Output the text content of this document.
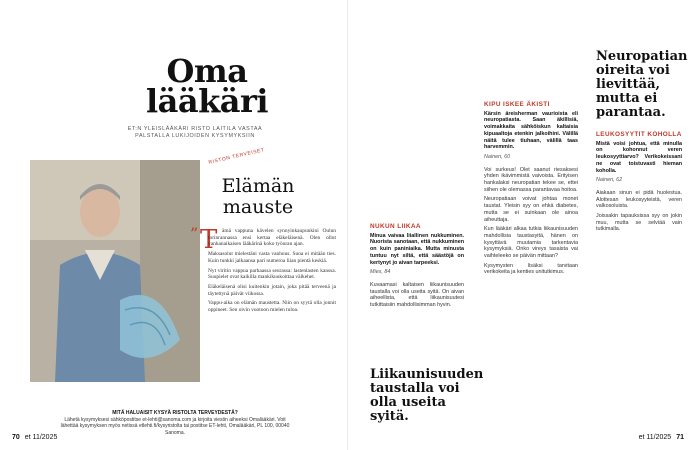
Oma lääkäri
ET:N YLEISLÄÄKÄRI RISTO LAITILA VASTAA PALSTALLA LUKIJOIDEN KYSYMYKSIIN
RISTON TERVEISET
Elämän mauste
” T ämä vappuna kävelen synnyinkaupunkini Oulun torinrannassa ensi kertaa eläkeläisenä. Olen ollut vanhanaikaisen lääkärinä koko työuran ajan.

Maksasolut mielestäni vasta vanhuus. Suoa ei mitään ties. Kuin tunkki jalkaansa pari numeroa liian pientä keskiä.

Nyt viritin vappua parhaassa seurassa: lastenlasten kanssa. Suupielet ovat kaikilla mankikuukoittaa välkehet.

Eläkeläisenä olisi kuitenkin jotain, joka pitää terveenä ja täytettynä päivät viikossa.

Vappu-aika on elämän maustetta. Niin on syytä olla jonnit oppineet. Sen oivin vuotoon mielen tuloa.

MITÄ HALUAISIT KYSYÄ RISTOLTA TERVEYDESTÄ?
Lähetä kysymyksesi sähköpostitse et-lehti@sanoma.com ja kirjoita viestin aiheeksi Omalääkäri. Voit lähettää kysymyksen myös netissä etlehti.fi/kysyristolta tai postitse ET-lehti, Omalääkäri, PL 100, 00040 Sanoma.
70 et 11/2025
NUKUN LIIKAA

Minua vaivaa liiallinen nukkuminen. Nuorista sanotaan, että nukkuminen on kuin paniniaika. Mutta minusta tuntuu nyt siltä, että säästöjä on kertynyt jo aivan tarpeeksi.

Mies, 84

Kuvaamasi kaltaisen liikaunisuuden taustalla voi olla useita syitä. On aivan aiheellista, että liikaunisuutesi tutkittaisiin mahdollisimman hyvin.

KIPU ISKEE ÄKISTI

Kärsin äreisherman vaurioista eli neuropatiasta. Saan äkillisiä, voimakkaita sähköiskun kaltaisia kipuaaltoja etenkin jalkoihini. Välillä näitä tulee tiuhaan, välillä taas harvemmin.

Nainen, 60

Voi surkeus! Olet saanut riesaksesi yhden ikävimmistä vaivoista. Erityisen hankalaksi neuropatian tekee se, ettei siihen ole olemassa parantavaa hoitoa.

Neuropatiaan voivat johtaa monet taustat. Yleisin syy on ehkä diabetes, mutta se ei suinkaan ole ainoa aiheuttaja.

Kun lääkäri alkaa tutkia liikaunisuuden mahdollisia taustasyitä, hänen on kysyttävä muutamia tarkentavia kysymyksiä. Onko vireys tasaista vai vaihteleeko se päivän mittaan?

Kysymysten lisäksi tarvitaan verikokeita ja kenties unitutkimus.

Neuropatian oireita voi lievittää, mutta ei parantaa.
LEUKOSYYTIT KOHOLLA

Mistä voisi johtua, että minulla on kohonnut veren leukosyyttiarvo? Verikokeissani ne ovat toistuvasti hieman koholla.

Nainen, 62

Aiakaan sinun ei pidä huolestua. Alottesan leukosyyteistä, veren valkosoluista.

Joissakin tapauksissa syy on jokin muu, mutta se selviää vain tutkimalla.

Liikaunisuuden taustalla voi olla useita syitä.
et 11/2025 71
